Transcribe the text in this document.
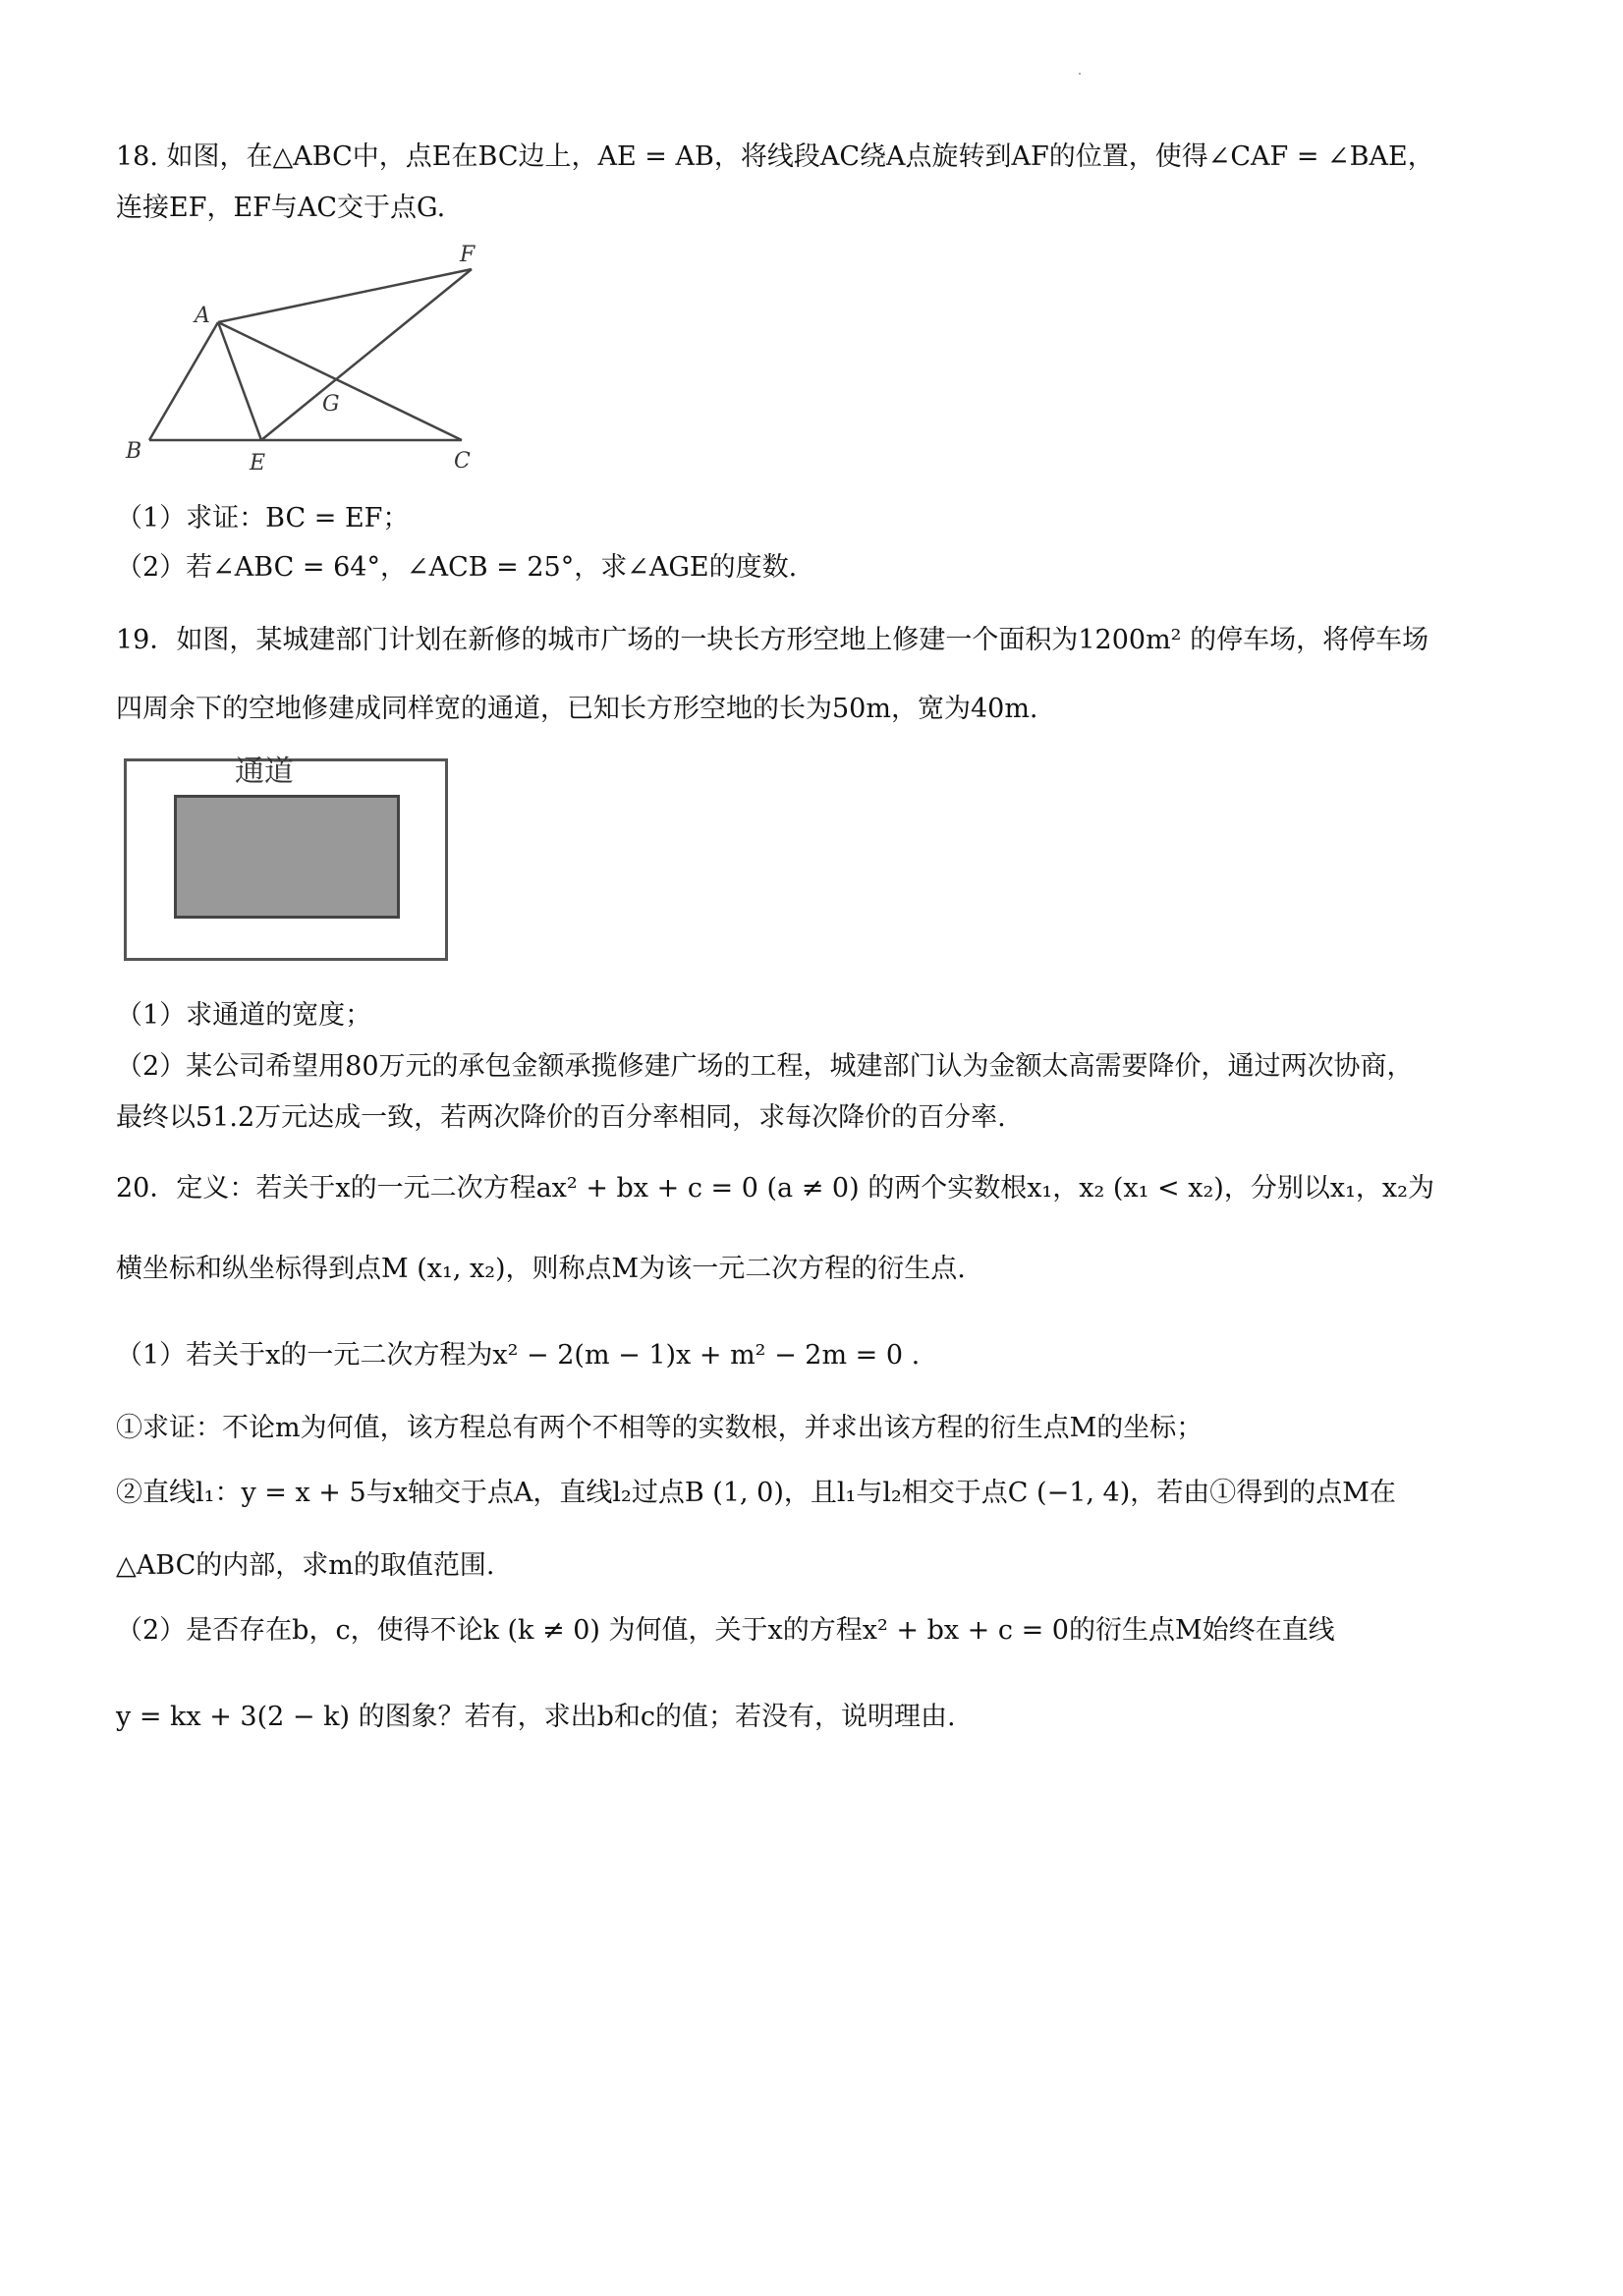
18. 如图，在△ABC中，点E在BC边上，AE = AB，将线段AC绕A点旋转到AF的位置，使得∠CAF = ∠BAE，
连接EF，EF与AC交于点G.
A
B	E	C
F
G
（1）求证：BC = EF；
（2）若∠ABC = 64°，∠ACB = 25°，求∠AGE的度数.
19．如图，某城建部门计划在新修的城市广场的一块长方形空地上修建一个面积为1200m² 的停车场，将停车场
四周余下的空地修建成同样宽的通道，已知长方形空地的长为50m，宽为40m.
通道
（1）求通道的宽度；
（2）某公司希望用80万元的承包金额承揽修建广场的工程，城建部门认为金额太高需要降价，通过两次协商，
最终以51.2万元达成一致，若两次降价的百分率相同，求每次降价的百分率.
20．定义：若关于x的一元二次方程ax² + bx + c = 0 (a ≠ 0) 的两个实数根x₁，x₂ (x₁ < x₂)，分别以x₁，x₂为
横坐标和纵坐标得到点M (x₁, x₂)，则称点M为该一元二次方程的衍生点.
（1）若关于x的一元二次方程为x² − 2(m − 1)x + m² − 2m = 0 .
①求证：不论m为何值，该方程总有两个不相等的实数根，并求出该方程的衍生点M的坐标；
②直线l₁：y = x + 5与x轴交于点A，直线l₂过点B (1, 0)，且l₁与l₂相交于点C (−1, 4)，若由①得到的点M在
△ABC的内部，求m的取值范围.
（2）是否存在b，c，使得不论k (k ≠ 0) 为何值，关于x的方程x² + bx + c = 0的衍生点M始终在直线
y = kx + 3(2 − k) 的图象？若有，求出b和c的值；若没有，说明理由.
